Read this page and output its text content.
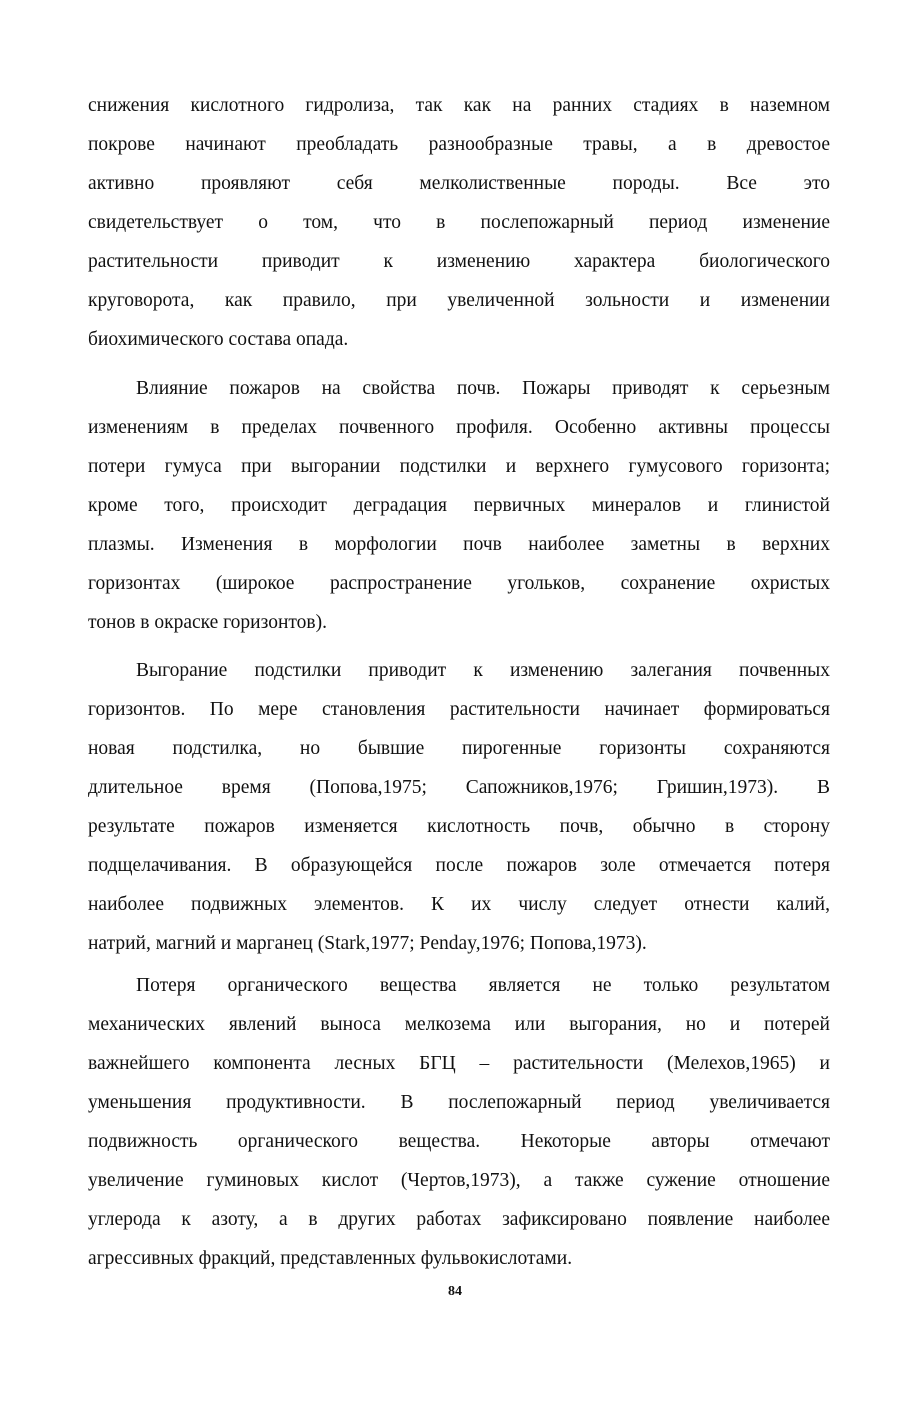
снижения кислотного гидролиза, так как на ранних стадиях в наземном
покрове начинают преобладать разнообразные травы, а в древостое
активно проявляют себя мелколиственные породы. Все это
свидетельствует о том, что в послепожарный период изменение
растительности приводит к изменению характера биологического
круговорота, как правило, при увеличенной зольности и изменении
биохимического состава опада.
Влияние пожаров на свойства почв. Пожары приводят к серьезным
изменениям в пределах почвенного профиля. Особенно активны процессы
потери гумуса при выгорании подстилки и верхнего гумусового горизонта;
кроме того, происходит деградация первичных минералов и глинистой
плазмы. Изменения в морфологии почв наиболее заметны в верхних
горизонтах (широкое распространение угольков, сохранение охристых
тонов в окраске горизонтов).
Выгорание подстилки приводит к изменению залегания почвенных
горизонтов. По мере становления растительности начинает формироваться
новая подстилка, но бывшие пирогенные горизонты сохраняются
длительное время (Попова,1975; Сапожников,1976; Гришин,1973). В
результате пожаров изменяется кислотность почв, обычно в сторону
подщелачивания. В образующейся после пожаров золе отмечается потеря
наиболее подвижных элементов. К их числу следует отнести калий,
натрий, магний и марганец (Stark,1977; Penday,1976; Попова,1973).
Потеря органического вещества является не только результатом
механических явлений выноса мелкозема или выгорания, но и потерей
важнейшего компонента лесных БГЦ – растительности (Мелехов,1965) и
уменьшения продуктивности. В послепожарный период увеличивается
подвижность органического вещества. Некоторые авторы отмечают
увеличение гуминовых кислот (Чертов,1973), а также сужение отношение
углерода к азоту, а в других работах зафиксировано появление наиболее
агрессивных фракций, представленных фульвокислотами.
84
